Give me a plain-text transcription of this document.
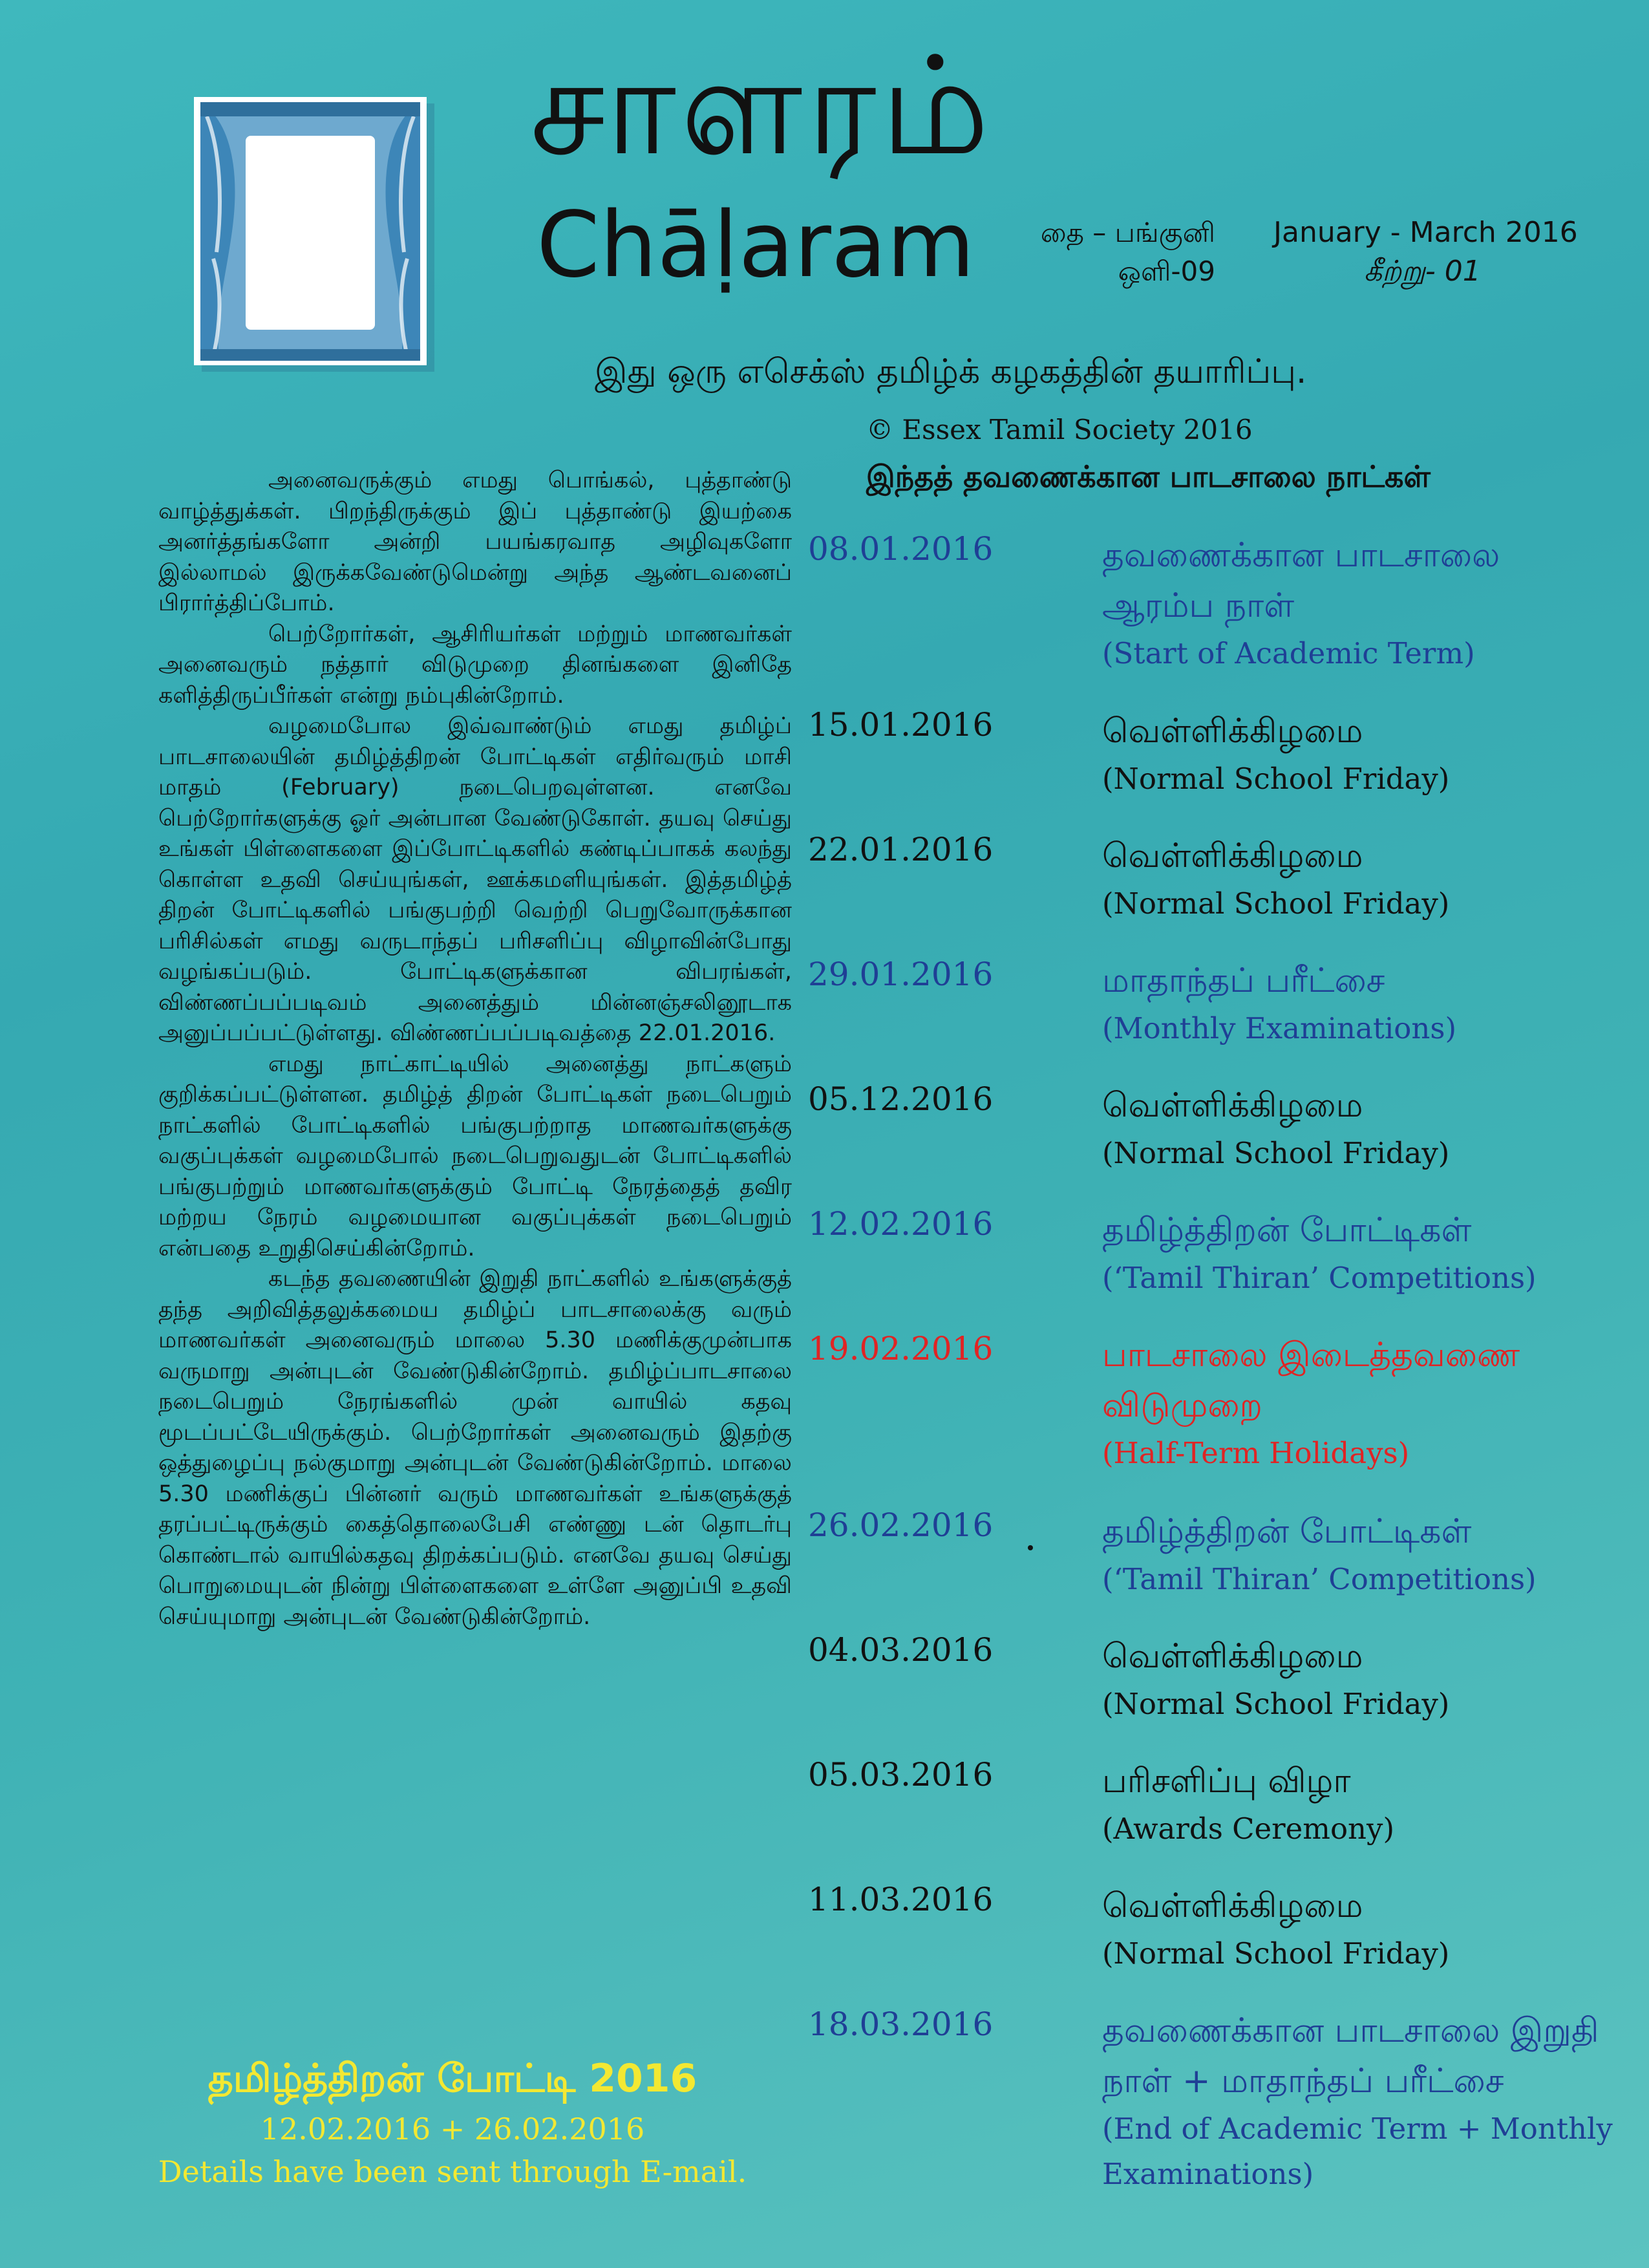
சாளரம்
Chāḷaram	தை – பங்குனி
ஒளி-09
January - March 2016
கீற்று- 01
இது ஒரு எசெக்ஸ் தமிழ்க் கழகத்தின் தயாரிப்பு.
© Essex Tamil Society 2016
இந்தத் தவணைக்கான பாடசாலை நாட்கள்

அனைவருக்கும் எமது பொங்கல், புத்தாண்டு வாழ்த்துக்கள். பிறந்திருக்கும் இப் புத்தாண்டு இயற்கை அனர்த்தங்களோ அன்றி பயங்கரவாத அழிவுகளோ இல்லாமல் இருக்கவேண்டுமென்று அந்த ஆண்டவனைப் பிரார்த்திப்போம்.

பெற்றோர்கள், ஆசிரியர்கள் மற்றும் மாணவர்கள் அனைவரும் நத்தார் விடுமுறை தினங்களை இனிதே களித்திருப்பீர்கள் என்று நம்புகின்றோம்.

வழமைபோல இவ்வாண்டும் எமது தமிழ்ப் பாடசாலையின் தமிழ்த்திறன் போட்டிகள் எதிர்வரும் மாசி மாதம் (February) நடைபெறவுள்ளன. எனவே பெற்றோர்களுக்கு ஓர் அன்பான வேண்டுகோள். தயவு செய்து உங்கள் பிள்ளைகளை இப்போட்டிகளில் கண்டிப்பாகக் கலந்து கொள்ள உதவி செய்யுங்கள், ஊக்கமளியுங்கள். இத்தமிழ்த் திறன் போட்டிகளில் பங்குபற்றி வெற்றி பெறுவோருக்கான பரிசில்கள் எமது வருடாந்தப் பரிசளிப்பு விழாவின்போது வழங்கப்படும். போட்டிகளுக்கான விபரங்கள், விண்ணப்பப்படிவம் அனைத்தும் மின்னஞ்சலினூடாக அனுப்பப்பட்டுள்ளது. விண்ணப்பப்படிவத்தை 22.01.2016.

எமது நாட்காட்டியில் அனைத்து நாட்களும் குறிக்கப்பட்டுள்ளன. தமிழ்த் திறன் போட்டிகள் நடைபெறும் நாட்களில் போட்டிகளில் பங்குபற்றாத மாணவர்களுக்கு வகுப்புக்கள் வழமைபோல் நடைபெறுவதுடன் போட்டிகளில் பங்குபற்றும் மாணவர்களுக்கும் போட்டி நேரத்தைத் தவிர மற்றய நேரம் வழமையான வகுப்புக்கள் நடைபெறும் என்பதை உறுதிசெய்கின்றோம்.

கடந்த தவணையின் இறுதி நாட்களில் உங்களுக்குத் தந்த அறிவித்தலுக்கமைய தமிழ்ப் பாடசாலைக்கு வரும் மாணவர்கள் அனைவரும் மாலை 5.30 மணிக்குமுன்பாக வருமாறு அன்புடன் வேண்டுகின்றோம். தமிழ்ப்பாடசாலை நடைபெறும் நேரங்களில் முன் வாயில் கதவு மூடப்பட்டேயிருக்கும். பெற்றோர்கள் அனைவரும் இதற்கு ஒத்துழைப்பு நல்குமாறு அன்புடன் வேண்டுகின்றோம். மாலை 5.30 மணிக்குப் பின்னர் வரும் மாணவர்கள் உங்களுக்குத் தரப்பட்டிருக்கும் கைத்தொலைபேசி எண்ணு டன் தொடர்பு கொண்டால் வாயில்கதவு திறக்கப்படும். எனவே தயவு செய்து பொறுமையுடன் நின்று பிள்ளைகளை உள்ளே அனுப்பி உதவி செய்யுமாறு அன்புடன் வேண்டுகின்றோம்.

08.01.2016	தவணைக்கான பாடசாலை ஆரம்ப நாள்
(Start of Academic Term)
15.01.2016	வெள்ளிக்கிழமை
(Normal School Friday)
22.01.2016	வெள்ளிக்கிழமை
(Normal School Friday)
29.01.2016	மாதாந்தப் பரீட்சை
(Monthly Examinations)
05.12.2016	வெள்ளிக்கிழமை
(Normal School Friday)
12.02.2016	தமிழ்த்திறன் போட்டிகள்
(‘Tamil Thiran’ Competitions)
19.02.2016	பாடசாலை இடைத்தவணை விடுமுறை
(Half-Term Holidays)
26.02.2016	தமிழ்த்திறன் போட்டிகள்
(‘Tamil Thiran’ Competitions)
04.03.2016	வெள்ளிக்கிழமை
(Normal School Friday)
05.03.2016	பரிசளிப்பு விழா
(Awards Ceremony)
11.03.2016	வெள்ளிக்கிழமை
(Normal School Friday)
18.03.2016	தவணைக்கான பாடசாலை இறுதி நாள் + மாதாந்தப் பரீட்சை
(End of Academic Term + Monthly Examinations)
தமிழ்த்திறன் போட்டி 2016
12.02.2016 + 26.02.2016
Details have been sent through E-mail.
